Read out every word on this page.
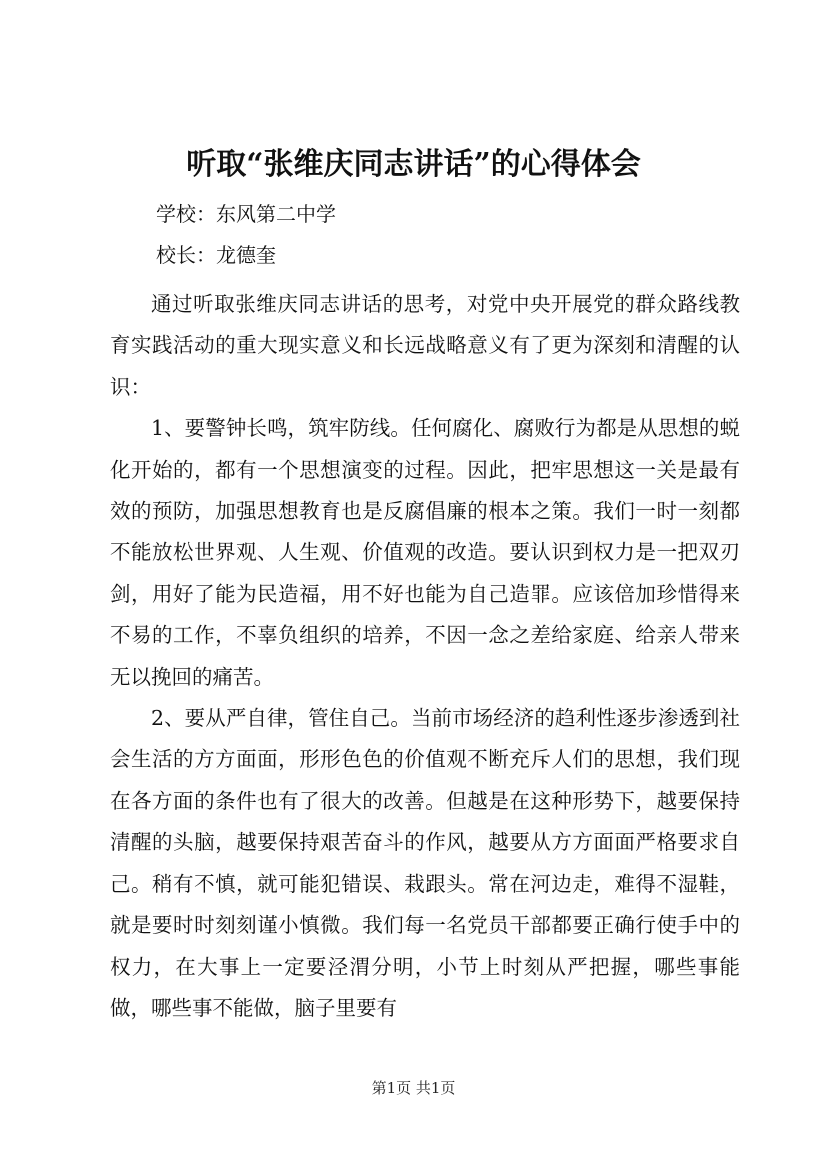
听取“张维庆同志讲话”的心得体会
学校：东风第二中学
校长：龙德奎

通过听取张维庆同志讲话的思考，对党中央开展党的群众路线教育实践活动的重大现实意义和长远战略意义有了更为深刻和清醒的认识：

1、要警钟长鸣，筑牢防线。任何腐化、腐败行为都是从思想的蜕化开始的，都有一个思想演变的过程。因此，把牢思想这一关是最有效的预防，加强思想教育也是反腐倡廉的根本之策。我们一时一刻都不能放松世界观、人生观、价值观的改造。要认识到权力是一把双刃剑，用好了能为民造福，用不好也能为自己造罪。应该倍加珍惜得来不易的工作，不辜负组织的培养，不因一念之差给家庭、给亲人带来无以挽回的痛苦。

2、要从严自律，管住自己。当前市场经济的趋利性逐步渗透到社会生活的方方面面，形形色色的价值观不断充斥人们的思想，我们现在各方面的条件也有了很大的改善。但越是在这种形势下，越要保持清醒的头脑，越要保持艰苦奋斗的作风，越要从方方面面严格要求自己。稍有不慎，就可能犯错误、栽跟头。常在河边走，难得不湿鞋，就是要时时刻刻谨小慎微。我们每一名党员干部都要正确行使手中的权力，在大事上一定要泾渭分明，小节上时刻从严把握，哪些事能做，哪些事不能做，脑子里要有

第1页 共1页
